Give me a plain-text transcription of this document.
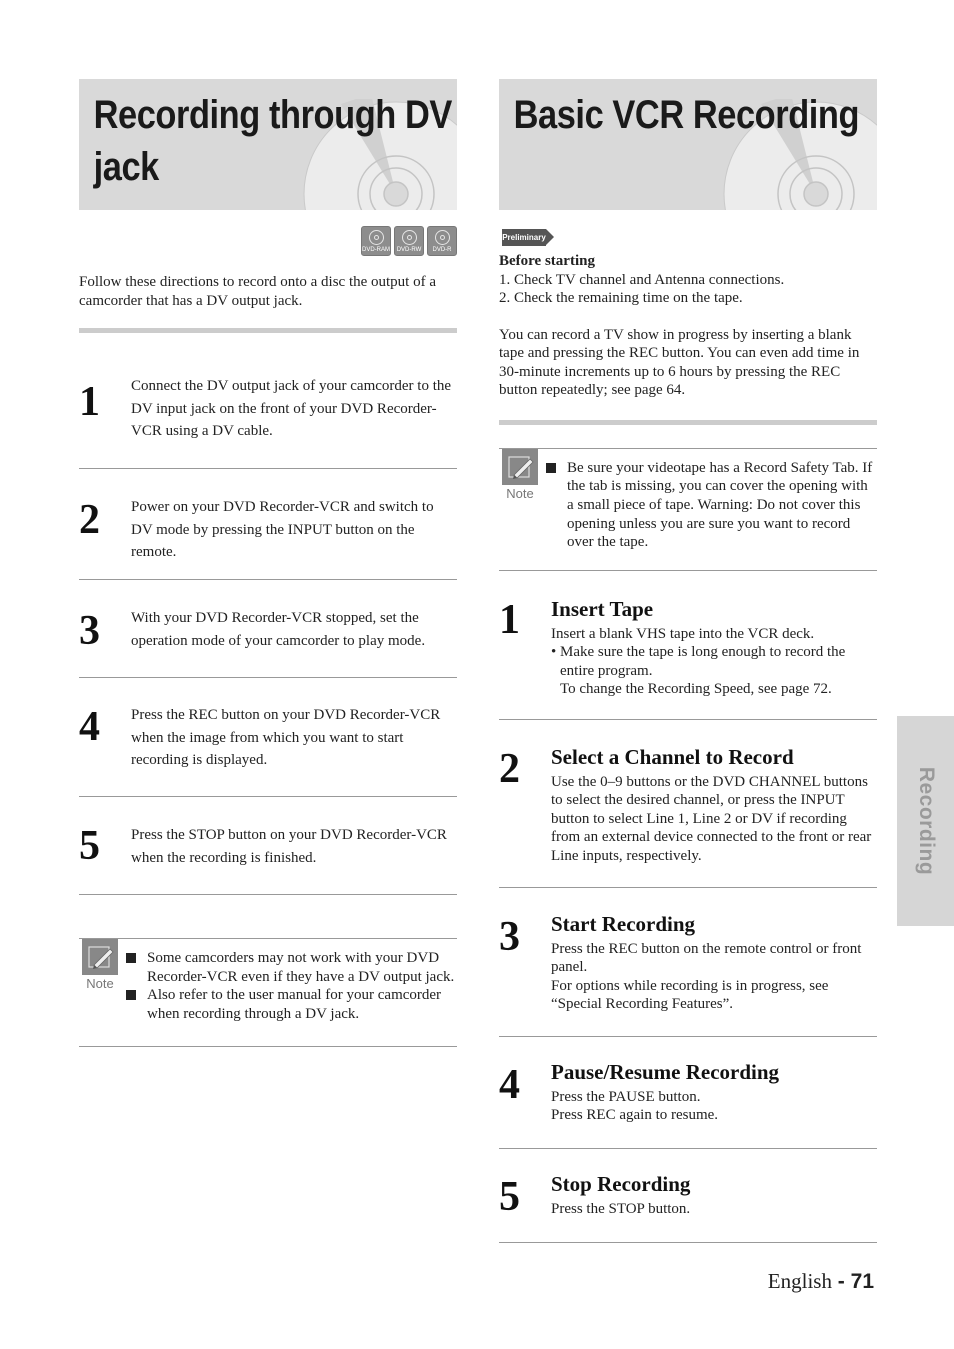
Recording through DV jack
DVD-RAM DVD-RW	DVD-R

Follow these directions to record onto a disc the output of a camcorder that has a DV output jack.

1 Connect the DV output jack of your camcorder to the DV input jack on the front of your DVD Recorder-VCR using a DV cable.
2 Power on your DVD Recorder-VCR and switch to DV mode by pressing the INPUT button on the remote.
3 With your DVD Recorder-VCR stopped, set the operation mode of your camcorder to play mode.
4 Press the REC button on your DVD Recorder-VCR when the image from which you want to start recording is displayed.
5 Press the STOP button on your DVD Recorder-VCR when the recording is finished.
Note
Some camcorders may not work with your DVD Recorder-VCR even if they have a DV output jack.
Also refer to the user manual for your camcorder when recording through a DV jack.
Basic VCR Recording
Preliminary
Before starting
1. Check TV channel and Antenna connections.
2. Check the remaining time on the tape.
You can record a TV show in progress by inserting a blank tape and pressing the REC button. You can even add time in 30-minute increments up to 6 hours by pressing the REC button repeatedly; see page 64.
Note
Be sure your videotape has a Record Safety Tab. If the tab is missing, you can cover the opening with a small piece of tape. Warning: Do not cover this opening unless you are sure you want to record over the tape.
1 Insert Tape
Insert a blank VHS tape into the VCR deck.
• Make sure the tape is long enough to record the
entire program.
To change the Recording Speed, see page 72.
2 Select a Channel to Record
Use the 0–9 buttons or the DVD CHANNEL buttons to select the desired channel, or press the INPUT button to select Line 1, Line 2 or DV if recording from an external device connected to the front or rear Line inputs, respectively.
3 Start Recording
Press the REC button on the remote control or front panel.
For options while recording is in progress, see “Special Recording Features”.
4 Pause/Resume Recording
Press the PAUSE button.
Press REC again to resume.
5 Stop Recording
Press the STOP button.
Recording
English - 71
